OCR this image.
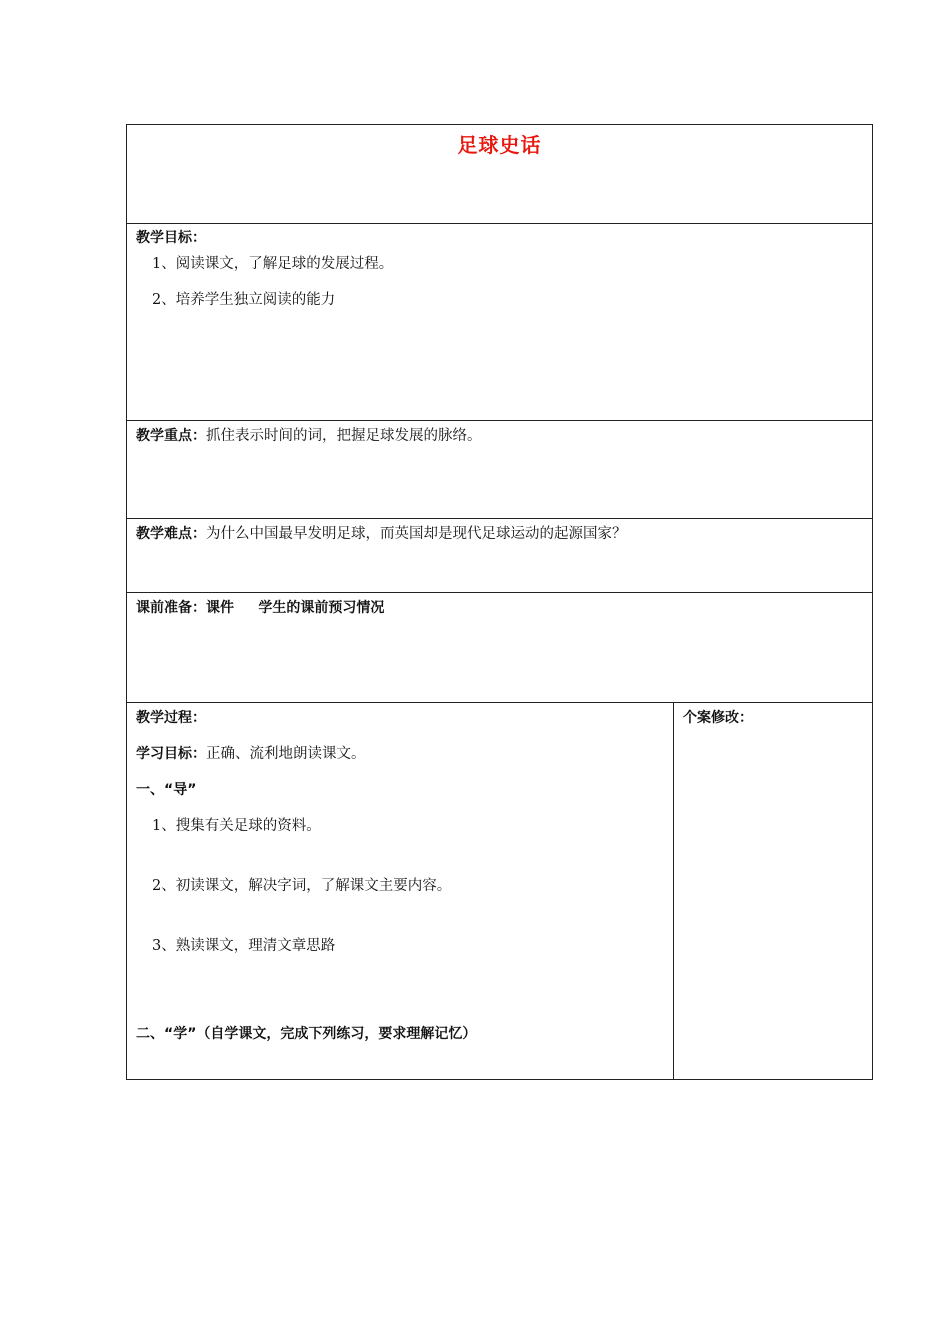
足球史话

教学目标：
1、阅读课文，了解足球的发展过程。
2、培养学生独立阅读的能力

教学重点：抓住表示时间的词，把握足球发展的脉络。

教学难点：为什么中国最早发明足球，而英国却是现代足球运动的起源国家？

课前准备：课件     学生的课前预习情况

教学过程：
学习目标：正确、流利地朗读课文。
一、“导”
1、搜集有关足球的资料。
2、初读课文，解决字词，了解课文主要内容。
3、熟读课文，理清文章思路
二、“学”（自学课文，完成下列练习，要求理解记忆）

个案修改：
